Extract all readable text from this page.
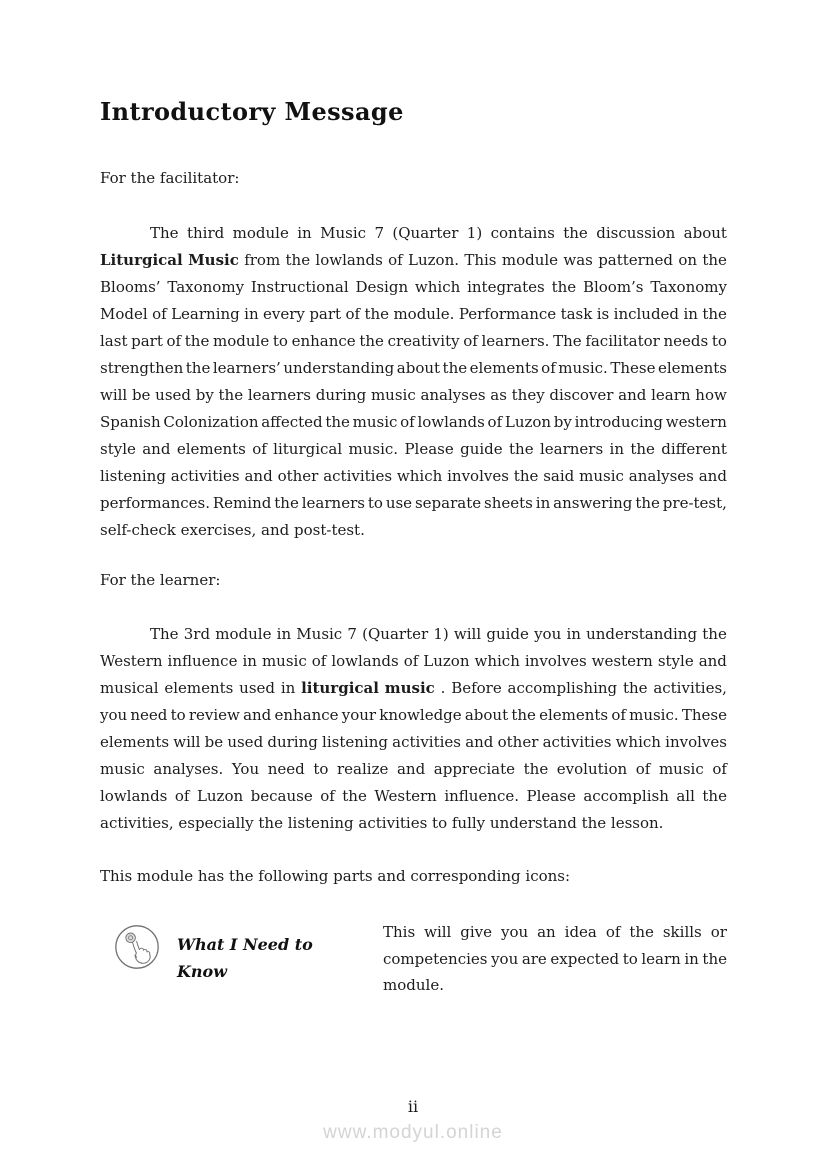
Introductory Message
For the facilitator:
The third module in Music 7 (Quarter 1) contains the discussion about
Liturgical Music from the lowlands of Luzon. This module was patterned on the
Blooms’ Taxonomy Instructional Design which integrates the Bloom’s Taxonomy
Model of Learning in every part of the module. Performance task is included in the
last part of the module to enhance the creativity of learners. The facilitator needs to
strengthen the learners’ understanding about the elements of music. These elements
will be used by the learners during music analyses as they discover and learn how
Spanish Colonization affected the music of lowlands of Luzon by introducing western
style and elements of liturgical music. Please guide the learners in the different
listening activities and other activities which involves the said music analyses and
performances. Remind the learners to use separate sheets in answering the pre-test,
self-check exercises, and post-test.
For the learner:
The 3rd module in Music 7 (Quarter 1) will guide you in understanding the
Western influence in music of lowlands of Luzon which involves western style and
musical elements used in liturgical music . Before accomplishing the activities,
you need to review and enhance your knowledge about the elements of music. These
elements will be used during listening activities and other activities which involves
music analyses. You need to realize and appreciate the evolution of music of
lowlands of Luzon because of the Western influence. Please accomplish all the
activities, especially the listening activities to fully understand the lesson.
This module has the following parts and corresponding icons:
What I Need to Know
This will give you an idea of the skills or
competencies you are expected to learn in the
module.
ii
www.modyul.online
